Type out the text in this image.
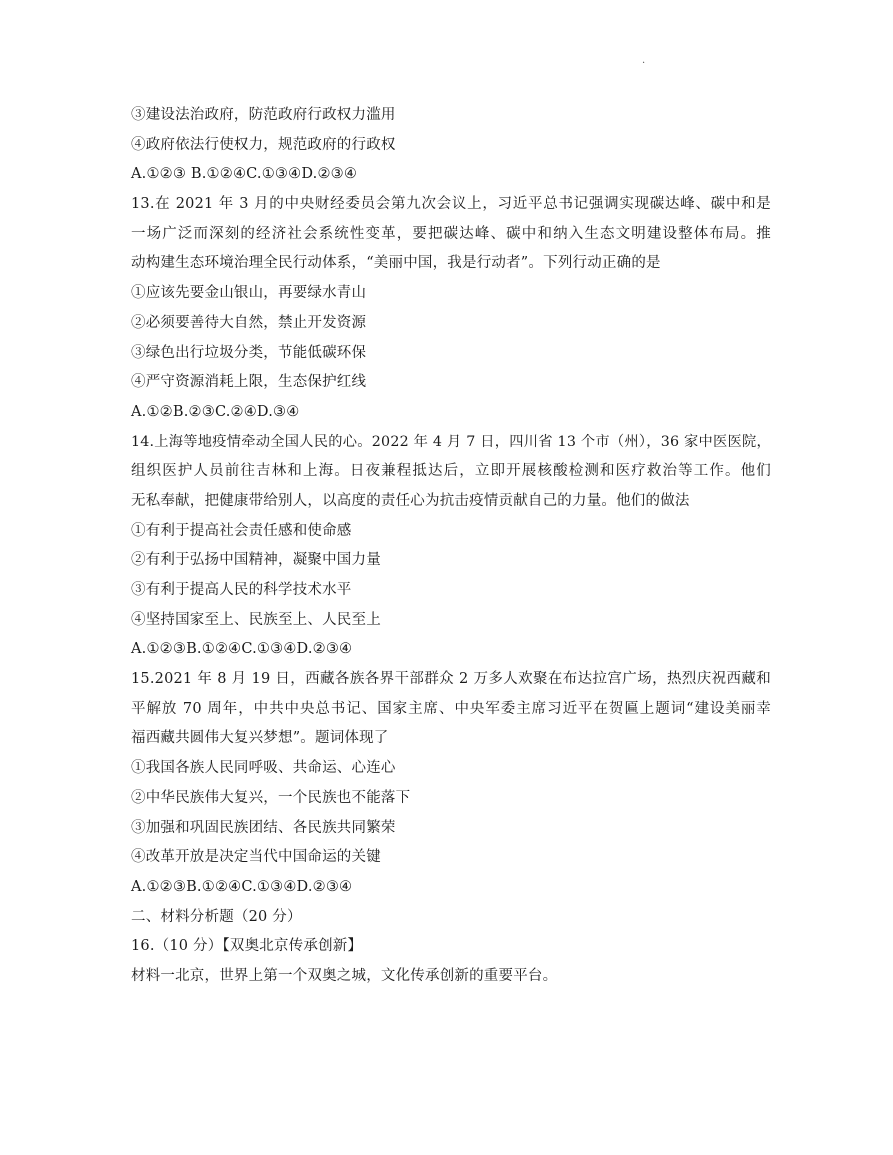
.
③建设法治政府，防范政府行政权力滥用
④政府依法行使权力，规范政府的行政权
A.①②③ B.①②④C.①③④D.②③④
13.在 2021 年 3 月的中央财经委员会第九次会议上，习近平总书记强调实现碳达峰、碳中和是
一场广泛而深刻的经济社会系统性变革，要把碳达峰、碳中和纳入生态文明建设整体布局。推
动构建生态环境治理全民行动体系，“美丽中国，我是行动者”。下列行动正确的是
①应该先要金山银山，再要绿水青山
②必须要善待大自然，禁止开发资源
③绿色出行垃圾分类，节能低碳环保
④严守资源消耗上限，生态保护红线
A.①②B.②③C.②④D.③④
14.上海等地疫情牵动全国人民的心。2022 年 4 月 7 日，四川省 13 个市（州），36 家中医医院，
组织医护人员前往吉林和上海。日夜兼程抵达后，立即开展核酸检测和医疗救治等工作。他们
无私奉献，把健康带给别人，以高度的责任心为抗击疫情贡献自己的力量。他们的做法
①有利于提高社会责任感和使命感
②有利于弘扬中国精神，凝聚中国力量
③有利于提高人民的科学技术水平
④坚持国家至上、民族至上、人民至上
A.①②③B.①②④C.①③④D.②③④
15.2021 年 8 月 19 日，西藏各族各界干部群众 2 万多人欢聚在布达拉宫广场，热烈庆祝西藏和
平解放 70 周年，中共中央总书记、国家主席、中央军委主席习近平在贺匾上题词“建设美丽幸
福西藏共圆伟大复兴梦想”。题词体现了
①我国各族人民同呼吸、共命运、心连心
②中华民族伟大复兴，一个民族也不能落下
③加强和巩固民族团结、各民族共同繁荣
④改革开放是决定当代中国命运的关键
A.①②③B.①②④C.①③④D.②③④
二、材料分析题（20 分）
16.（10 分）【双奥北京传承创新】
材料一北京，世界上第一个双奥之城，文化传承创新的重要平台。
